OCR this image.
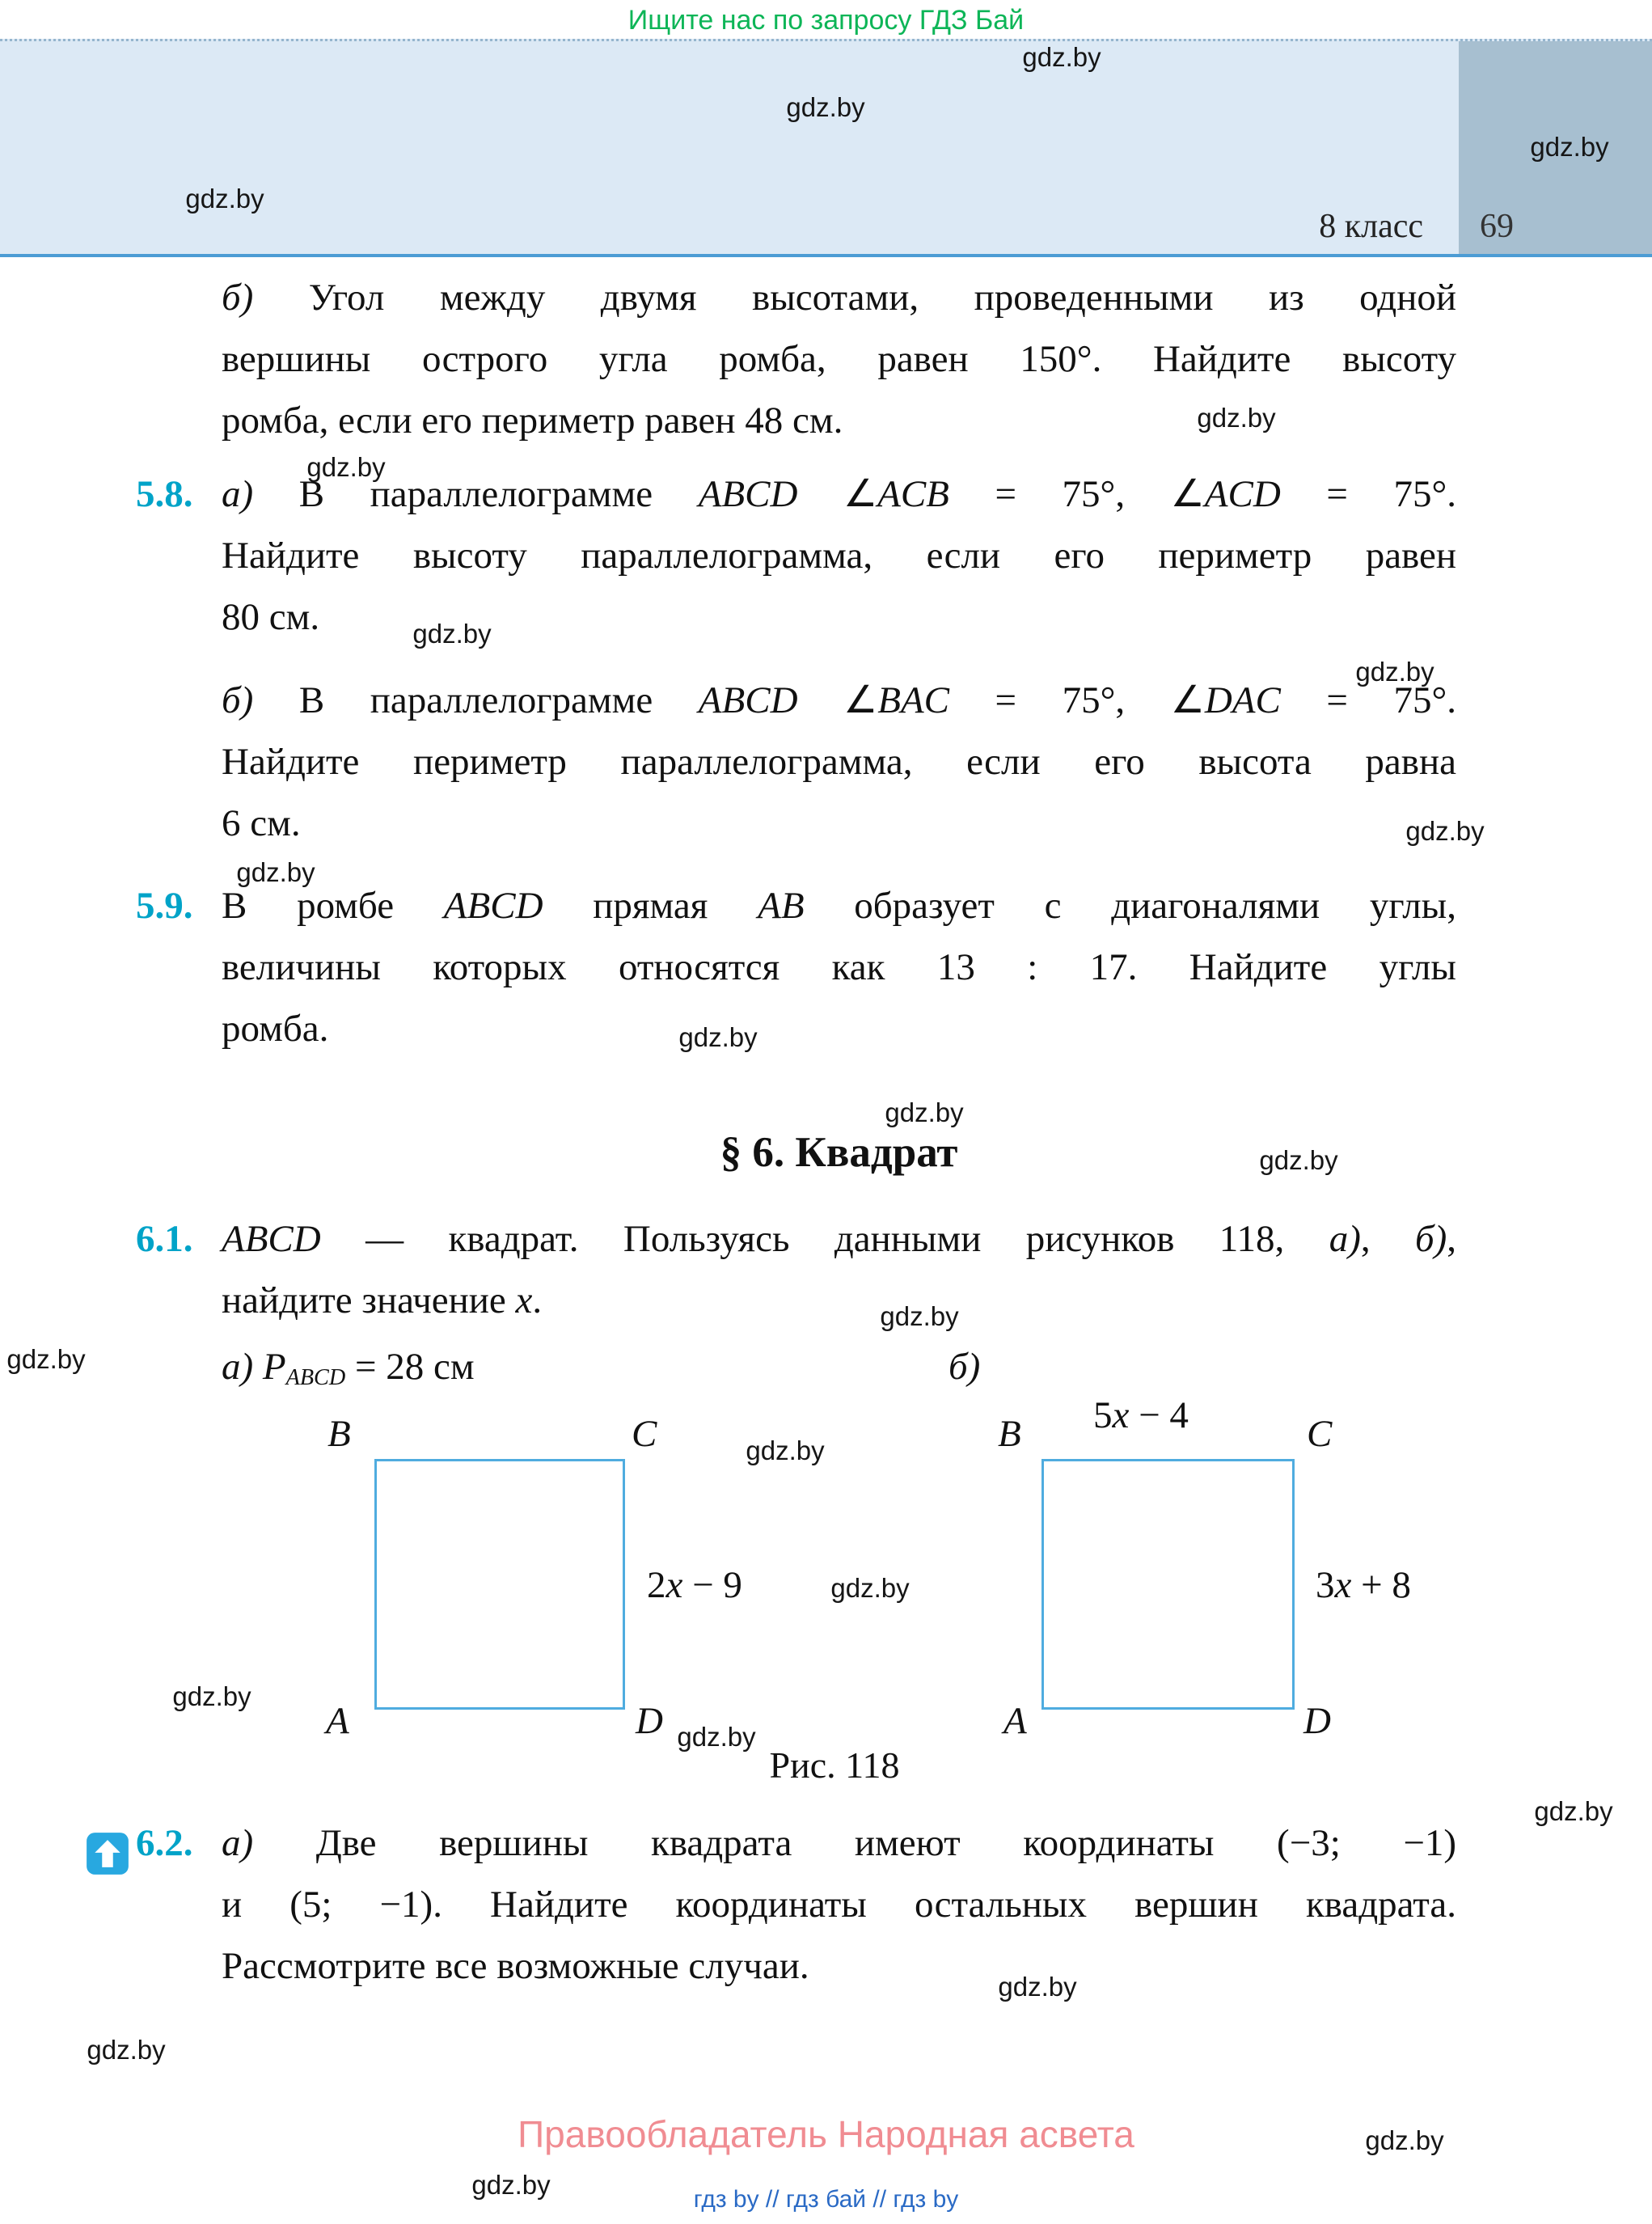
Ищите нас по запросу ГДЗ Бай
8 класс 69
б) Угол между двумя высотами, проведенными из одной
вершины острого угла ромба, равен 150°. Найдите высоту
ромба, если его периметр равен 48 см.
5.8. а) В параллелограмме ABCD ∠ACB = 75°, ∠ACD = 75°.
Найдите высоту параллелограмма, если его периметр равен
80 см.
б) В параллелограмме ABCD ∠BAC = 75°, ∠DAC = 75°.
Найдите периметр параллелограмма, если его высота равна
6 см.
5.9. В ромбе ABCD прямая AB образует с диагоналями углы,
величины которых относятся как 13 : 17. Найдите углы
ромба.
§ 6. Квадрат
6.1. ABCD — квадрат. Пользуясь данными рисунков 118, а), б),
найдите значение x.
а) $P_{ABCD} = 28$ см	б)
B	C
A	D
2x − 9
5x − 4
B	C
A	D
3x + 8
Рис. 118
6.2. а) Две вершины квадрата имеют координаты (−3; −1)
и (5; −1). Найдите координаты остальных вершин квадрата.
Рассмотрите все возможные случаи.
Правообладатель Народная асвета
гдз by // гдз бай // гдз by
gdz.by
gdz.by
gdz.by
gdz.by
gdz.by
gdz.by
gdz.by
gdz.by
gdz.by
gdz.by
gdz.by
gdz.by
gdz.by
gdz.by
gdz.by
gdz.by
gdz.by
gdz.by
gdz.by
gdz.by
gdz.by
gdz.by
gdz.by
gdz.by
